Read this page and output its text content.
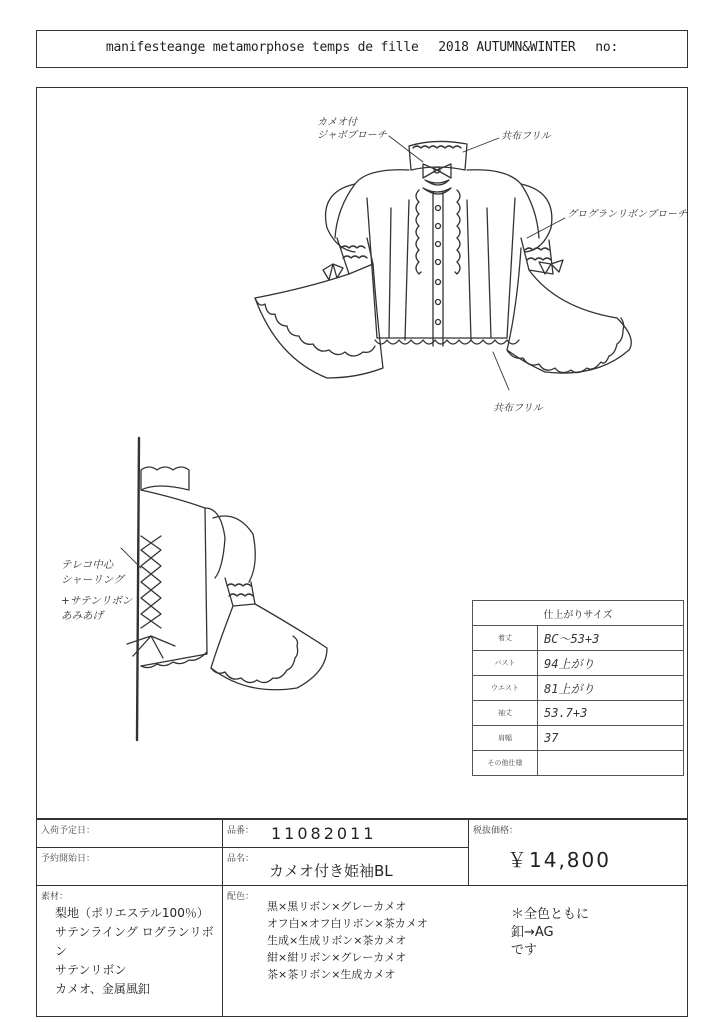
manifesteange metamorphose temps de fille 2018 AUTUMN&WINTER no:
カメオ付
ジャボブローチ	共布フリル
グログランリボンブローチ
共布フリル
テレコ中心
シャーリング
+サテンリボン
あみあげ	仕上がりサイズ	
着丈	BC～53+3
バスト	94上がり
ウエスト	81上がり
袖丈	53.7+3
肩幅	37
その他仕様	
入荷予定日：	品番： 11082011	税抜価格：
￥14,800
予約開始日：	品名：
カメオ付き姫袖BL
素材：
梨地（ポリエステル100％）
サテンライング ログランリボン
サテンリボン
カメオ、金属風釦
配色：
黒×黒リボン×グレーカメオ
オフ白×オフ白リボン×茶カメオ
生成×生成リボン×茶カメオ
紺×紺リボン×グレーカメオ
茶×茶リボン×生成カメオ
＊全色ともに
釦→AG
です
